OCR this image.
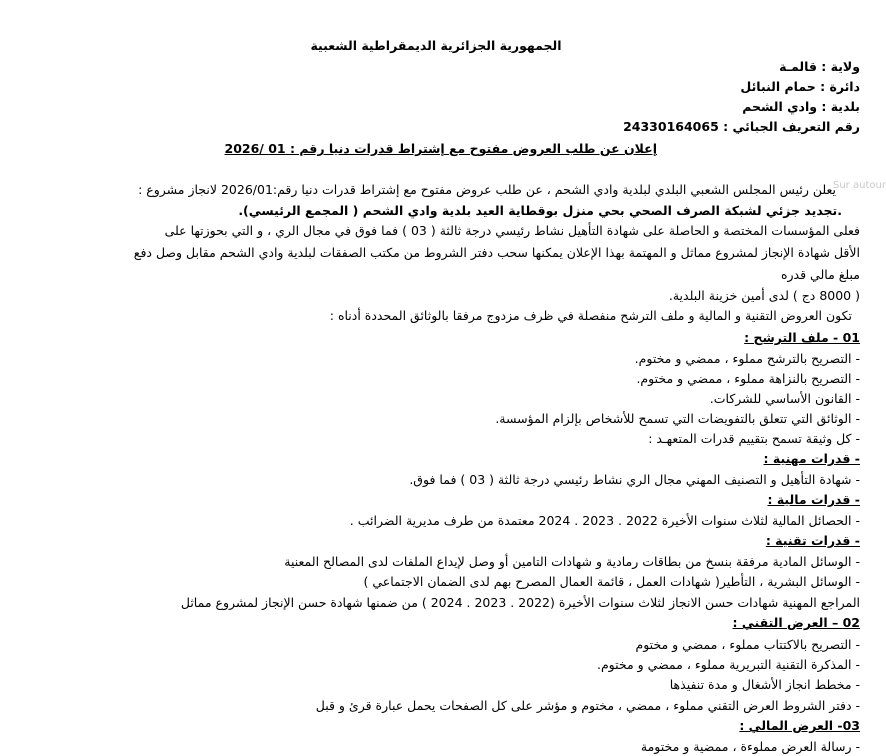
الجمهورية الجزائرية الديمقراطية الشعبية
ولاية : قالمـة
دائرة : حمام النبائل
بلدية : وادي الشحم
رقم التعريف الجبائي : 24330164065
إعلان عن طلب العروض مفتوح مع إشتراط قدرات دنيا رقم : 01 /2026
Sur autour
يعلن رئيس المجلس الشعبي البلدي لبلدية وادي الشحم ، عن طلب عروض مفتوح مع إشتراط قدرات دنيا رقم:2026/01 لانجاز مشروع :
.تجديد جزئي لشبكة الصرف الصحي بحي منزل بوقطاية العيد بلدية وادي الشحم ( المجمع الرئيسي).
فعلى المؤسسات المختصة و الحاصلة على شهادة التأهيل نشاط رئيسي درجة ثالثة ( 03 ) فما فوق في مجال الري ، و التي بحوزتها على
الأقل شهادة الإنجاز لمشروع مماثل و المهتمة بهذا الإعلان يمكنها سحب دفتر الشروط من مكتب الصفقات لبلدية وادي الشحم مقابل وصل دفع
مبلغ مالي قدره
( 8000 دج ) لدى أمين خزينة البلدية.
تكون العروض التقنية و المالية و ملف الترشح منفصلة في ظرف مزدوج مرفقا بالوثائق المحددة أدناه :
01 - ملف الترشح :
- التصريح بالترشح مملوء ، ممضي و مختوم.
- التصريح بالنزاهة مملوء ، ممضي و مختوم.
- القانون الأساسي للشركات.
- الوثائق التي تتعلق بالتفويضات التي تسمح للأشخاص بإلزام المؤسسة.
- كل وثيقة تسمح بتقييم قدرات المتعهـد :
- قدرات مهنية :
- شهادة التأهيل و التصنيف المهني مجال الري نشاط رئيسي درجة ثالثة ( 03 ) فما فوق.
- قدرات مالية :
- الحصائل المالية لثلاث سنوات الأخيرة 2022 . 2023 . 2024 معتمدة من طرف مديرية الضرائب .
- قدرات تقنية :
- الوسائل المادية مرفقة بنسخ من بطاقات رمادية و شهادات التامين أو وصل لإيداع الملفات لدى المصالح المعنية
- الوسائل البشرية ، التأطير( شهادات العمل ، قائمة العمال المصرح بهم لدى الضمان الاجتماعي )
المراجع المهنية شهادات حسن الانجاز لثلاث سنوات الأخيرة (2022 . 2023 . 2024 ) من ضمنها شهادة حسن الإنجاز لمشروع مماثل
02 – العرض التقني :
- التصريح بالاكتتاب مملوء ، ممضي و مختوم
- المذكرة التقنية التبريرية مملوء ، ممضي و مختوم.
- مخطط انجاز الأشغال و مدة تنفيذها
- دفتر الشروط العرض التقني مملوء ، ممضي ، مختوم و مؤشر على كل الصفحات يحمل عبارة قرئ و قبل
03- العرض المالي :
- رسالة العرض مملوءة ، ممضية و مختومة
